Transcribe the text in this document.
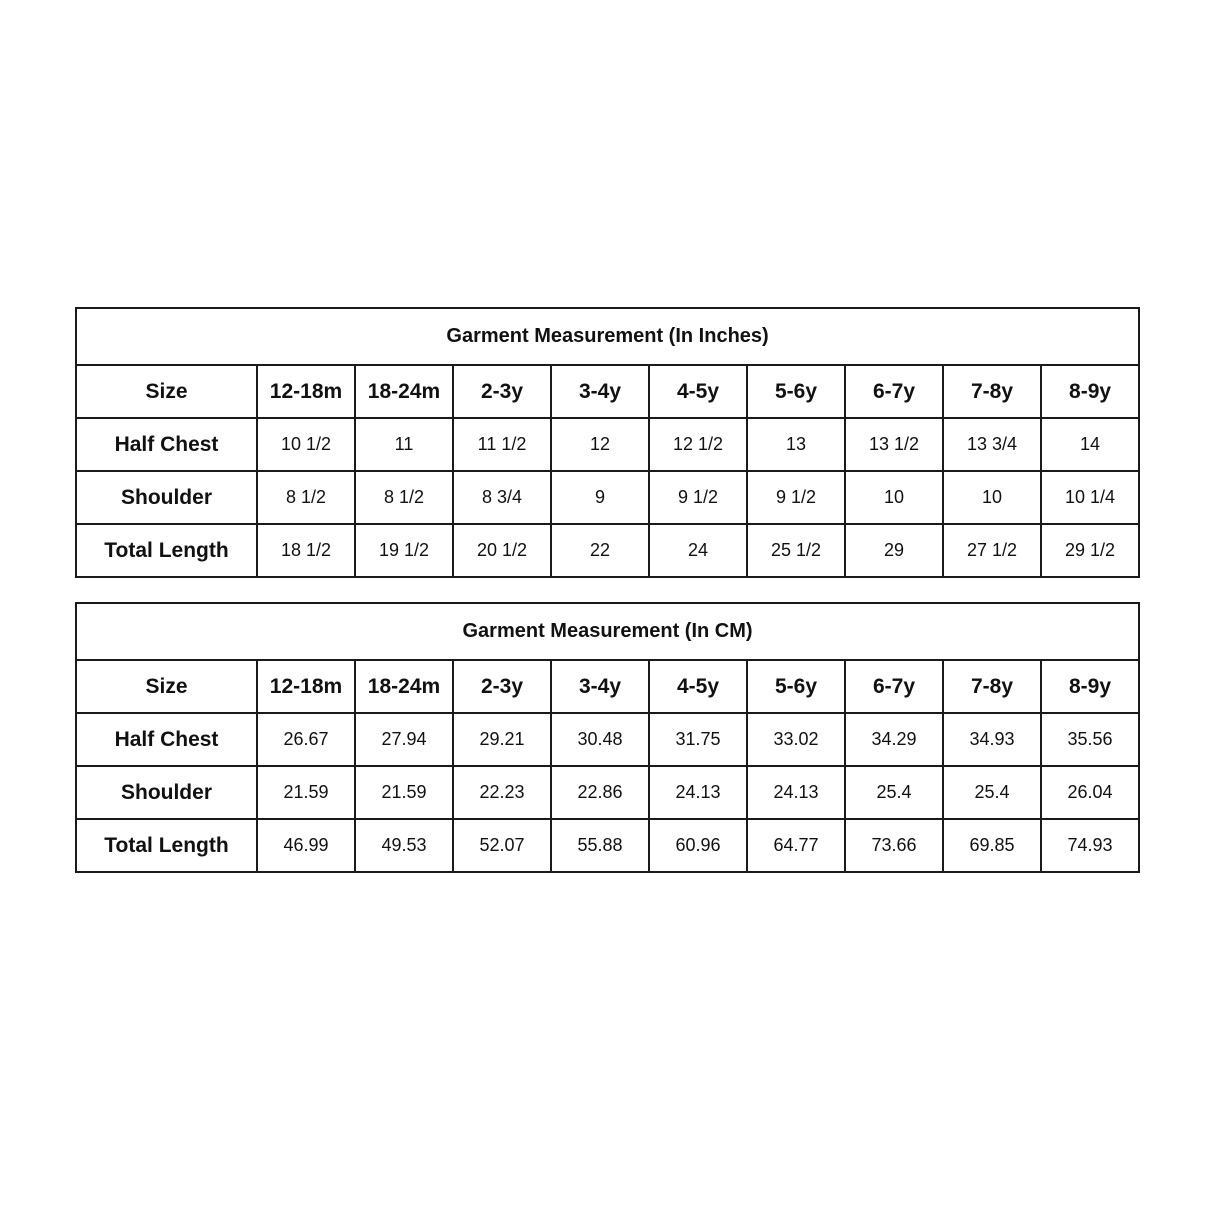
Garment Measurement (In Inches)									
Size	12-18m	18-24m	2-3y	3-4y	4-5y	5-6y	6-7y	7-8y	8-9y
Half Chest	10 1/2	11	11 1/2	12	12 1/2	13	13 1/2	13 3/4	14
Shoulder	8 1/2	8 1/2	8 3/4	9	9 1/2	9 1/2	10	10	10 1/4
Total Length	18 1/2	19 1/2	20 1/2	22	24	25 1/2	29	27 1/2	29 1/2
Garment Measurement (In CM)									
Size	12-18m	18-24m	2-3y	3-4y	4-5y	5-6y	6-7y	7-8y	8-9y
Half Chest	26.67	27.94	29.21	30.48	31.75	33.02	34.29	34.93	35.56
Shoulder	21.59	21.59	22.23	22.86	24.13	24.13	25.4	25.4	26.04
Total Length	46.99	49.53	52.07	55.88	60.96	64.77	73.66	69.85	74.93
